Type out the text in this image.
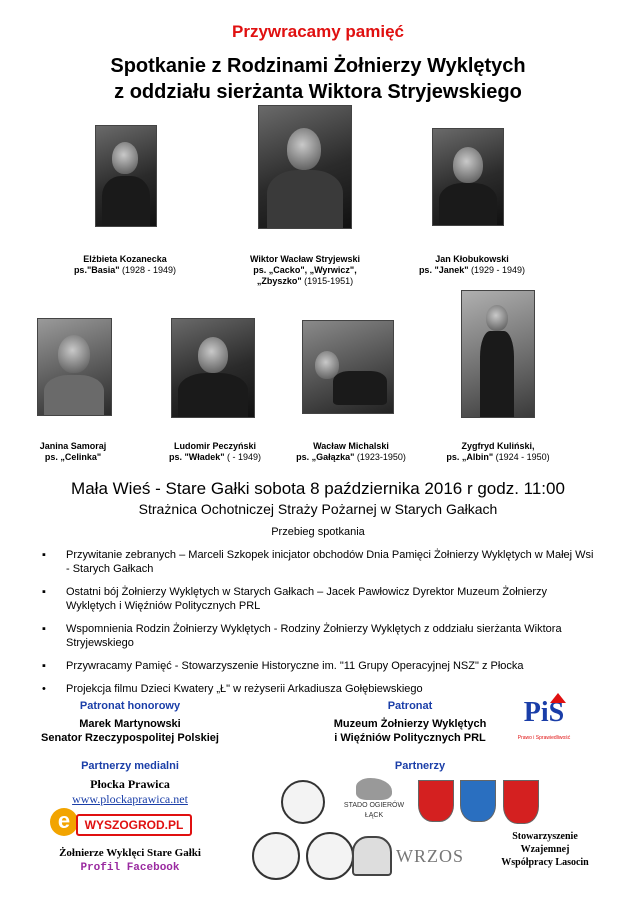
Przywracamy pamięć
Spotkanie z Rodzinami Żołnierzy Wyklętych
z oddziału sierżanta Wiktora Stryjewskiego
Elżbieta Kozanecka
ps."Basia" (1928 - 1949)
Wiktor Wacław Stryjewski
ps. „Cacko", „Wyrwicz",
„Zbyszko" (1915-1951)
Jan Kłobukowski
ps. "Janek" (1929 - 1949)
Janina Samoraj
ps. „Celinka"
Ludomir Peczyński
ps. "Władek" ( - 1949)
Wacław Michalski
ps. „Gałązka" (1923-1950)
Zygfryd Kuliński,
ps. „Albin" (1924 - 1950)
Mała Wieś - Stare Gałki sobota 8 października 2016 r godz. 11:00
Strażnica Ochotniczej Straży Pożarnej w Starych Gałkach
Przebieg spotkania
▪ Przywitanie zebranych – Marceli Szkopek inicjator obchodów Dnia Pamięci Żołnierzy Wyklętych w Małej Wsi - Starych Gałkach
▪ Ostatni bój Żołnierzy Wyklętych w Starych Gałkach – Jacek Pawłowicz Dyrektor Muzeum Żołnierzy Wyklętych i Więźniów Politycznych PRL
▪ Wspomnienia Rodzin Żołnierzy Wyklętych - Rodziny Żołnierzy Wyklętych z oddziału sierżanta Wiktora Stryjewskiego
▪ Przywracamy Pamięć - Stowarzyszenie Historyczne im. "11 Grupy Operacyjnej NSZ" z Płocka
• Projekcja filmu Dzieci Kwatery „Ł" w reżyserii Arkadiusza Gołębiewskiego
Patronat honorowy
Marek Martynowski
Senator Rzeczypospolitej Polskiej
Patronat
Muzeum Żołnierzy Wyklętych
i Więźniów Politycznych PRL
PiS
Prawo i Sprawiedliwość
Partnerzy medialni
Płocka Prawica
www.plockaprawica.net
e	WYSZOGROD.PL
Żołnierze Wyklęci Stare Gałki
Profil Facebook
Partnerzy
STADO OGIERÓW
ŁĄCK
WRZOS
Stowarzyszenie
Wzajemnej
Współpracy Lasocin
